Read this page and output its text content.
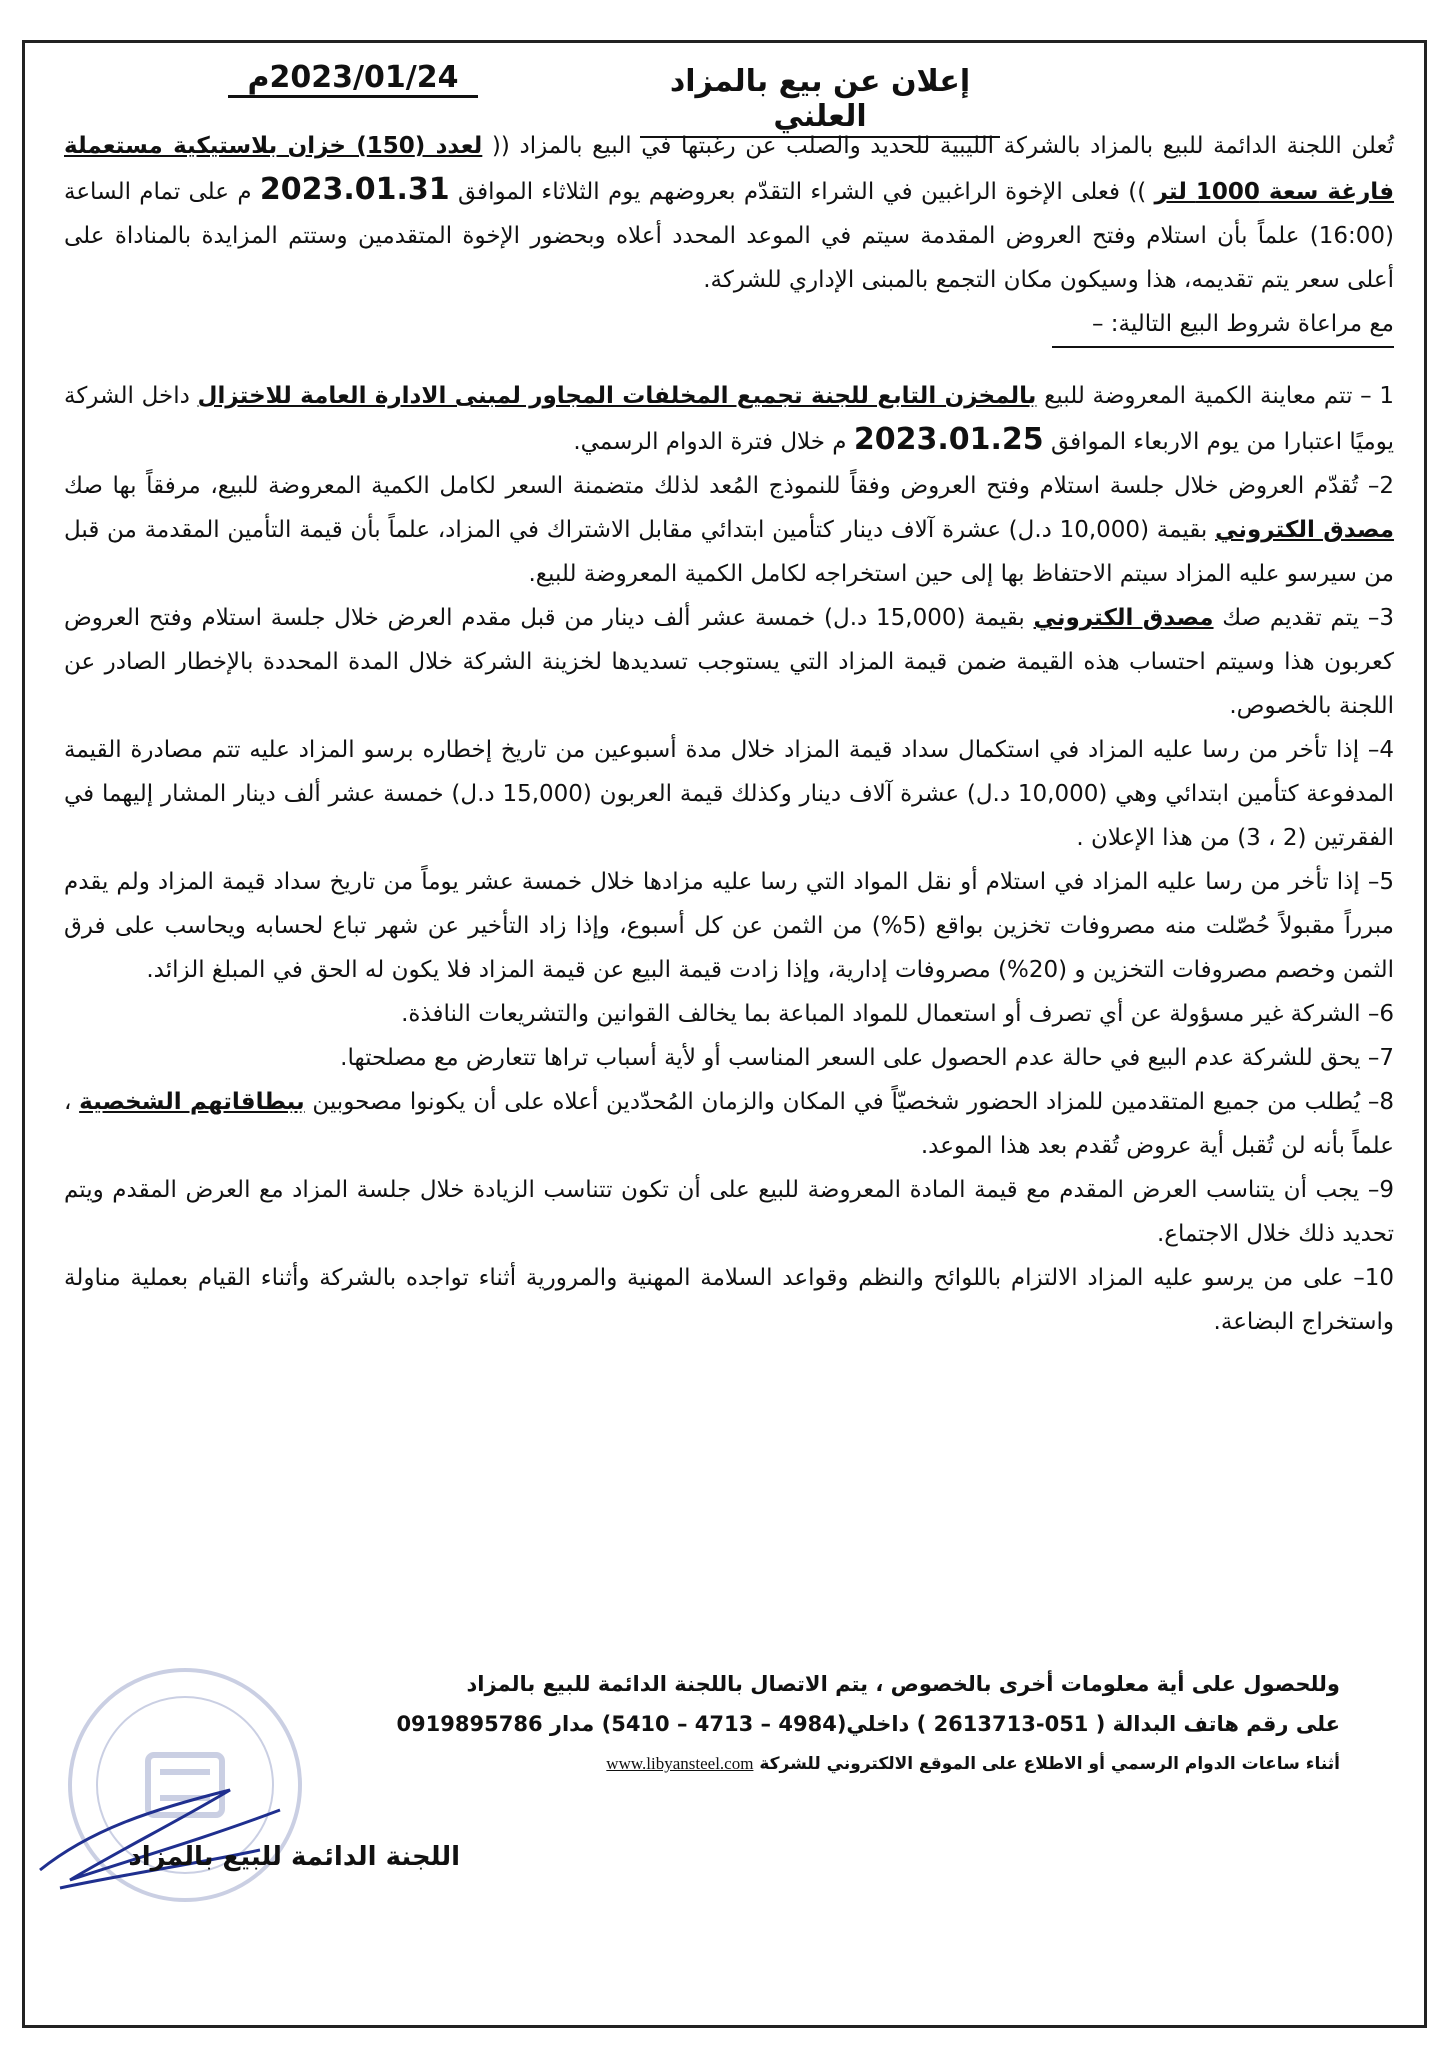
إعلان عن بيع بالمزاد العلني
2023/01/24م

تُعلن اللجنة الدائمة للبيع بالمزاد بالشركة الليبية للحديد والصلب عن رغبتها في البيع بالمزاد (( لعدد (150) خزان بلاستيكية مستعملة فارغة سعة 1000 لتر )) فعلى الإخوة الراغبين في الشراء التقدّم بعروضهم يوم الثلاثاء الموافق 2023.01.31 م على تمام الساعة (16:00) علماً بأن استلام وفتح العروض المقدمة سيتم في الموعد المحدد أعلاه وبحضور الإخوة المتقدمين وستتم المزايدة بالمناداة على أعلى سعر يتم تقديمه، هذا وسيكون مكان التجمع بالمبنى الإداري للشركة.

مع مراعاة شروط البيع التالية: –

1 – تتم معاينة الكمية المعروضة للبيع بالمخزن التابع للجنة تجميع المخلفات المجاور لمبنى الادارة العامة للاختزال داخل الشركة يوميًا اعتبارا من يوم الاربعاء الموافق 2023.01.25 م خلال فترة الدوام الرسمي.

2– تُقدّم العروض خلال جلسة استلام وفتح العروض وفقاً للنموذج المُعد لذلك متضمنة السعر لكامل الكمية المعروضة للبيع، مرفقاً بها صك مصدق الكتروني بقيمة (10,000 د.ل) عشرة آلاف دينار كتأمين ابتدائي مقابل الاشتراك في المزاد، علماً بأن قيمة التأمين المقدمة من قبل من سيرسو عليه المزاد سيتم الاحتفاظ بها إلى حين استخراجه لكامل الكمية المعروضة للبيع.

3– يتم تقديم صك مصدق الكتروني بقيمة (15,000 د.ل) خمسة عشر ألف دينار من قبل مقدم العرض خلال جلسة استلام وفتح العروض كعربون هذا وسيتم احتساب هذه القيمة ضمن قيمة المزاد التي يستوجب تسديدها لخزينة الشركة خلال المدة المحددة بالإخطار الصادر عن اللجنة بالخصوص.

4– إذا تأخر من رسا عليه المزاد في استكمال سداد قيمة المزاد خلال مدة أسبوعين من تاريخ إخطاره برسو المزاد عليه تتم مصادرة القيمة المدفوعة كتأمين ابتدائي وهي (10,000 د.ل) عشرة آلاف دينار وكذلك قيمة العربون (15,000 د.ل) خمسة عشر ألف دينار المشار إليهما في الفقرتين (2 ، 3) من هذا الإعلان .

5– إذا تأخر من رسا عليه المزاد في استلام أو نقل المواد التي رسا عليه مزادها خلال خمسة عشر يوماً من تاريخ سداد قيمة المزاد ولم يقدم مبرراً مقبولاً حُصّلت منه مصروفات تخزين بواقع (5%) من الثمن عن كل أسبوع، وإذا زاد التأخير عن شهر تباع لحسابه ويحاسب على فرق الثمن وخصم مصروفات التخزين و (20%) مصروفات إدارية، وإذا زادت قيمة البيع عن قيمة المزاد فلا يكون له الحق في المبلغ الزائد.

6– الشركة غير مسؤولة عن أي تصرف أو استعمال للمواد المباعة بما يخالف القوانين والتشريعات النافذة.

7– يحق للشركة عدم البيع في حالة عدم الحصول على السعر المناسب أو لأية أسباب تراها تتعارض مع مصلحتها.

8– يُطلب من جميع المتقدمين للمزاد الحضور شخصيّاً في المكان والزمان المُحدّدين أعلاه على أن يكونوا مصحوبين ببطاقاتهم الشخصية ، علماً بأنه لن تُقبل أية عروض تُقدم بعد هذا الموعد.

9– يجب أن يتناسب العرض المقدم مع قيمة المادة المعروضة للبيع على أن تكون تتناسب الزيادة خلال جلسة المزاد مع العرض المقدم ويتم تحديد ذلك خلال الاجتماع.

10– على من يرسو عليه المزاد الالتزام باللوائح والنظم وقواعد السلامة المهنية والمرورية أثناء تواجده بالشركة وأثناء القيام بعملية مناولة واستخراج البضاعة.

وللحصول على أية معلومات أخرى بالخصوص ، يتم الاتصال باللجنة الدائمة للبيع بالمزاد
على رقم هاتف البدالة ( 051-2613713 ) داخلي(4984 – 4713 – 5410) مدار 0919895786
أثناء ساعات الدوام الرسمي أو الاطلاع على الموقع الالكتروني للشركة www.libyansteel.com
اللجنة الدائمة للبيع بالمزاد
